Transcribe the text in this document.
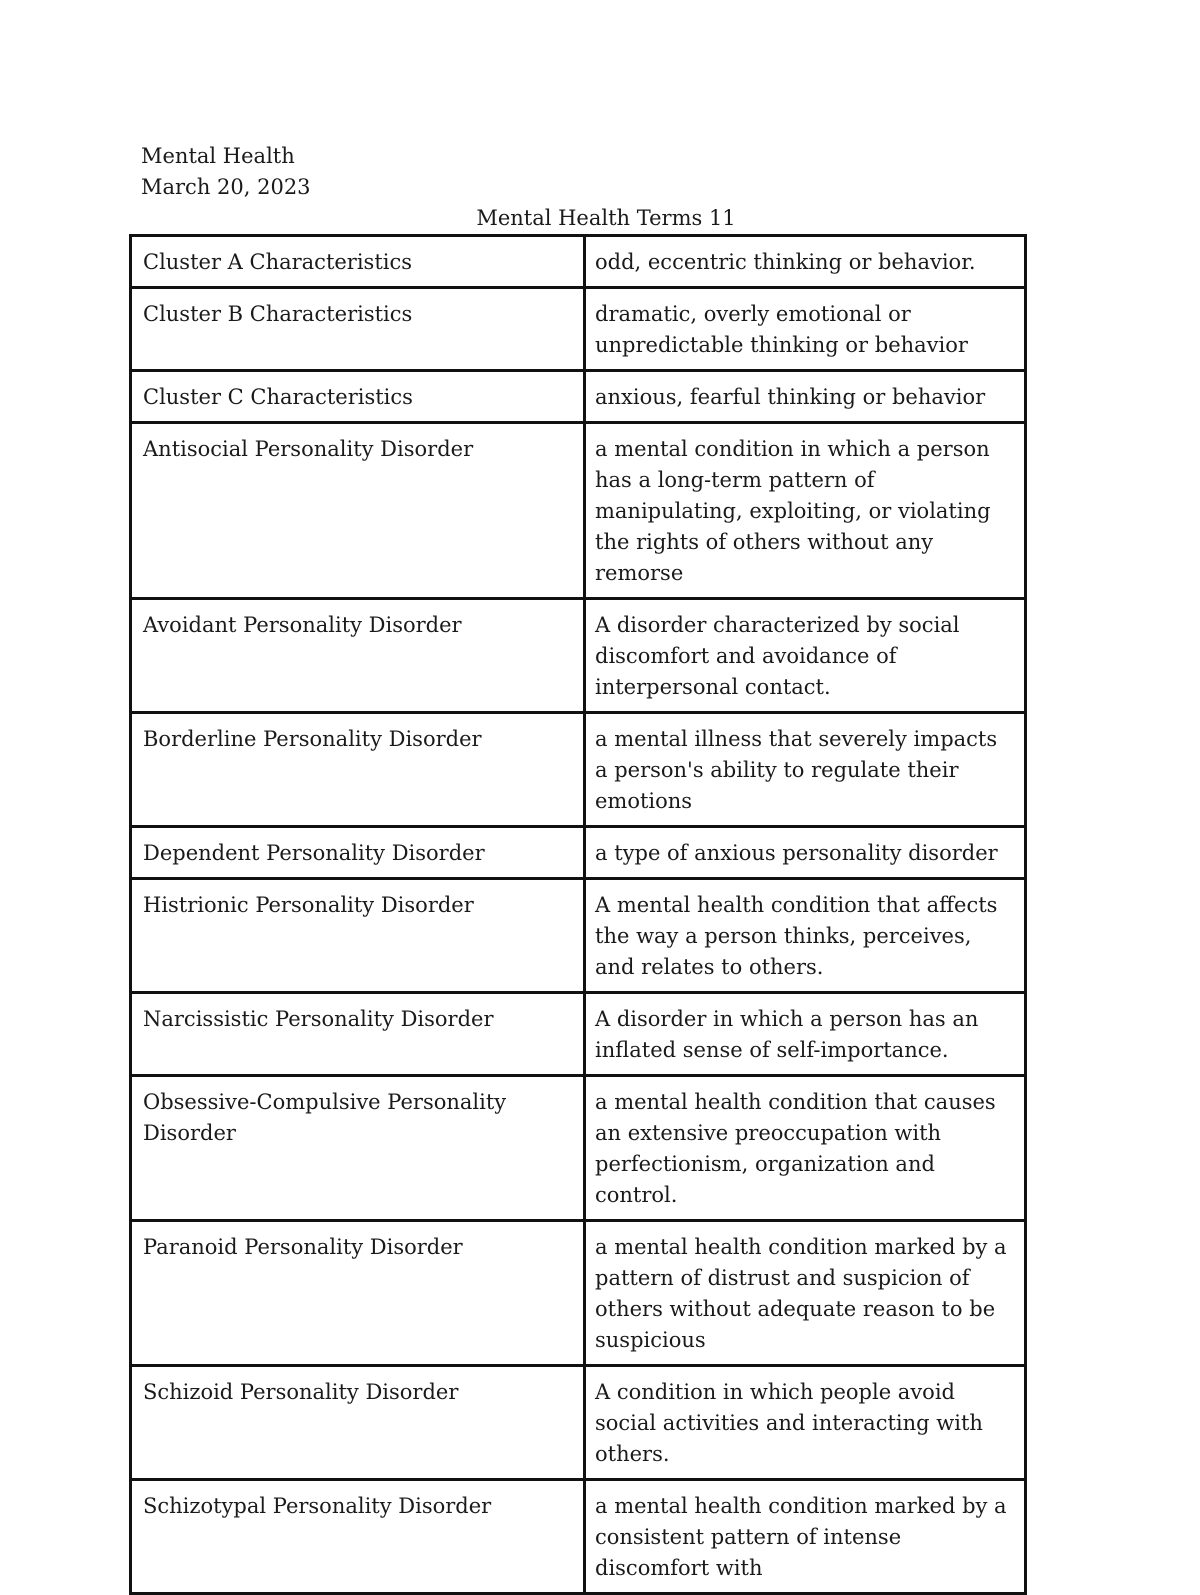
Mental Health
March 20, 2023
Mental Health Terms 11
Cluster A Characteristics	odd, eccentric thinking or behavior.
Cluster B Characteristics	dramatic, overly emotional or unpredictable thinking or behavior
Cluster C Characteristics	anxious, fearful thinking or behavior
Antisocial Personality Disorder	a mental condition in which a person has a long-term pattern of manipulating, exploiting, or violating the rights of others without any remorse
Avoidant Personality Disorder	A disorder characterized by social discomfort and avoidance of interpersonal contact.
Borderline Personality Disorder	a mental illness that severely impacts a person's ability to regulate their emotions
Dependent Personality Disorder	a type of anxious personality disorder
Histrionic Personality Disorder	A mental health condition that affects the way a person thinks, perceives, and relates to others.
Narcissistic Personality Disorder	A disorder in which a person has an inflated sense of self-importance.
Obsessive-Compulsive Personality Disorder	a mental health condition that causes an extensive preoccupation with perfectionism, organization and control.
Paranoid Personality Disorder	a mental health condition marked by a pattern of distrust and suspicion of others without adequate reason to be suspicious
Schizoid Personality Disorder	A condition in which people avoid social activities and interacting with others.
Schizotypal Personality Disorder	a mental health condition marked by a consistent pattern of intense discomfort with
